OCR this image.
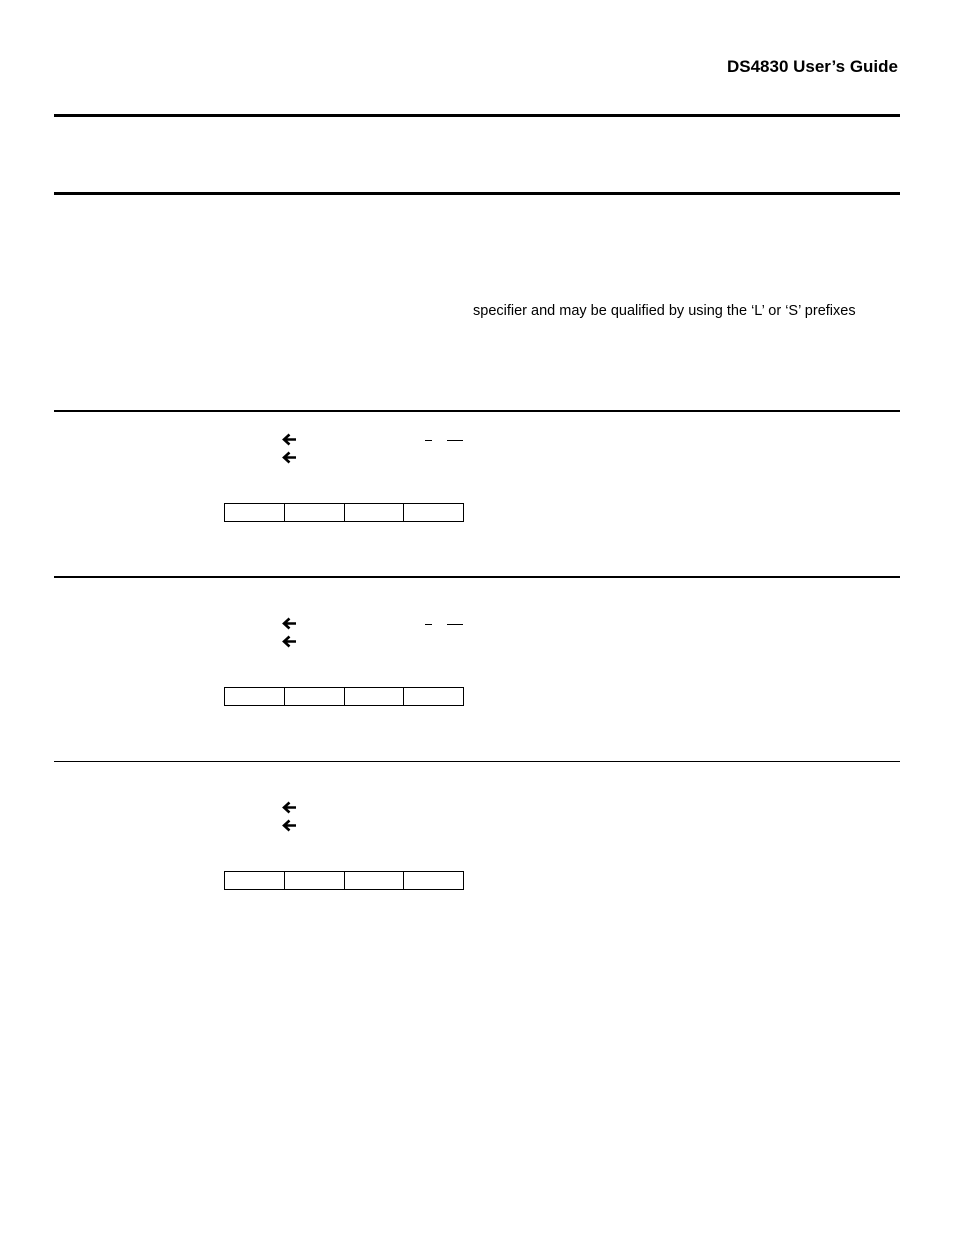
DS4830 User’s Guide
specifier and may be qualified by using the ‘L’ or ‘S’ prefixes
